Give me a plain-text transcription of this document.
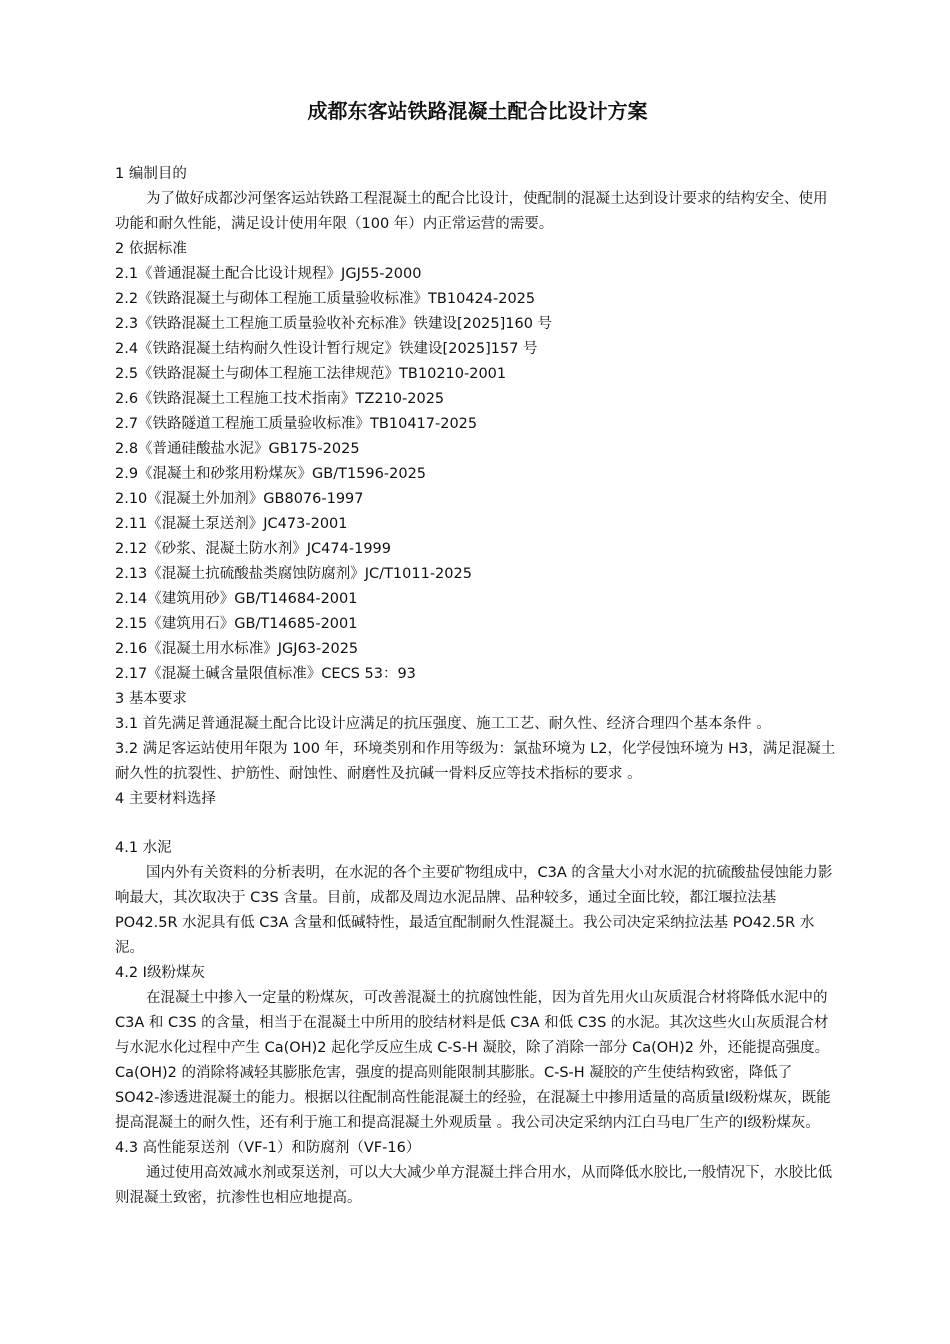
成都东客站铁路混凝土配合比设计方案

1 编制目的

为了做好成都沙河堡客运站铁路工程混凝土的配合比设计，使配制的混凝土达到设计要求的结构安全、使用功能和耐久性能，满足设计使用年限（100 年）内正常运营的需要。

2 依据标准

2.1《普通混凝土配合比设计规程》JGJ55-2000

2.2《铁路混凝土与砌体工程施工质量验收标准》TB10424-2025

2.3《铁路混凝土工程施工质量验收补充标准》铁建设[2025]160 号

2.4《铁路混凝土结构耐久性设计暂行规定》铁建设[2025]157 号

2.5《铁路混凝土与砌体工程施工法律规范》TB10210-2001

2.6《铁路混凝土工程施工技术指南》TZ210-2025

2.7《铁路隧道工程施工质量验收标准》TB10417-2025

2.8《普通硅酸盐水泥》GB175-2025

2.9《混凝土和砂浆用粉煤灰》GB/T1596-2025

2.10《混凝土外加剂》GB8076-1997

2.11《混凝土泵送剂》JC473-2001

2.12《砂浆、混凝土防水剂》JC474-1999

2.13《混凝土抗硫酸盐类腐蚀防腐剂》JC/T1011-2025

2.14《建筑用砂》GB/T14684-2001

2.15《建筑用石》GB/T14685-2001

2.16《混凝土用水标准》JGJ63-2025

2.17《混凝土碱含量限值标准》CECS 53：93

3 基本要求

3.1 首先满足普通混凝土配合比设计应满足的抗压强度、施工工艺、耐久性、经济合理四个基本条件 。

3.2 满足客运站使用年限为 100 年，环境类别和作用等级为：氯盐环境为 L2，化学侵蚀环境为 H3，满足混凝土耐久性的抗裂性、护筋性、耐蚀性、耐磨性及抗碱一骨料反应等技术指标的要求 。

4 主要材料选择

4.1 水泥

国内外有关资料的分析表明，在水泥的各个主要矿物组成中，C3A 的含量大小对水泥的抗硫酸盐侵蚀能力影响最大，其次取决于 C3S 含量。目前，成都及周边水泥品牌、品种较多，通过全面比较，都江堰拉法基 PO42.5R 水泥具有低 C3A 含量和低碱特性，最适宜配制耐久性混凝土。我公司决定采纳拉法基 PO42.5R 水泥。

4.2 Ⅰ级粉煤灰

在混凝土中掺入一定量的粉煤灰，可改善混凝土的抗腐蚀性能，因为首先用火山灰质混合材将降低水泥中的 C3A 和 C3S 的含量，相当于在混凝土中所用的胶结材料是低 C3A 和低 C3S 的水泥。其次这些火山灰质混合材与水泥水化过程中产生 Ca(OH)2 起化学反应生成 C-S-H 凝胶，除了消除一部分 Ca(OH)2 外，还能提高强度。Ca(OH)2 的消除将减轻其膨胀危害，强度的提高则能限制其膨胀。C-S-H 凝胶的产生使结构致密，降低了 SO42-渗透进混凝土的能力。根据以往配制高性能混凝土的经验，在混凝土中掺用适量的高质量Ⅰ级粉煤灰，既能提高混凝土的耐久性，还有利于施工和提高混凝土外观质量 。我公司决定采纳内江白马电厂生产的Ⅰ级粉煤灰。

4.3 高性能泵送剂（VF-1）和防腐剂（VF-16）

通过使用高效减水剂或泵送剂，可以大大减少单方混凝土拌合用水，从而降低水胶比,一般情况下，水胶比低则混凝土致密，抗渗性也相应地提高。
